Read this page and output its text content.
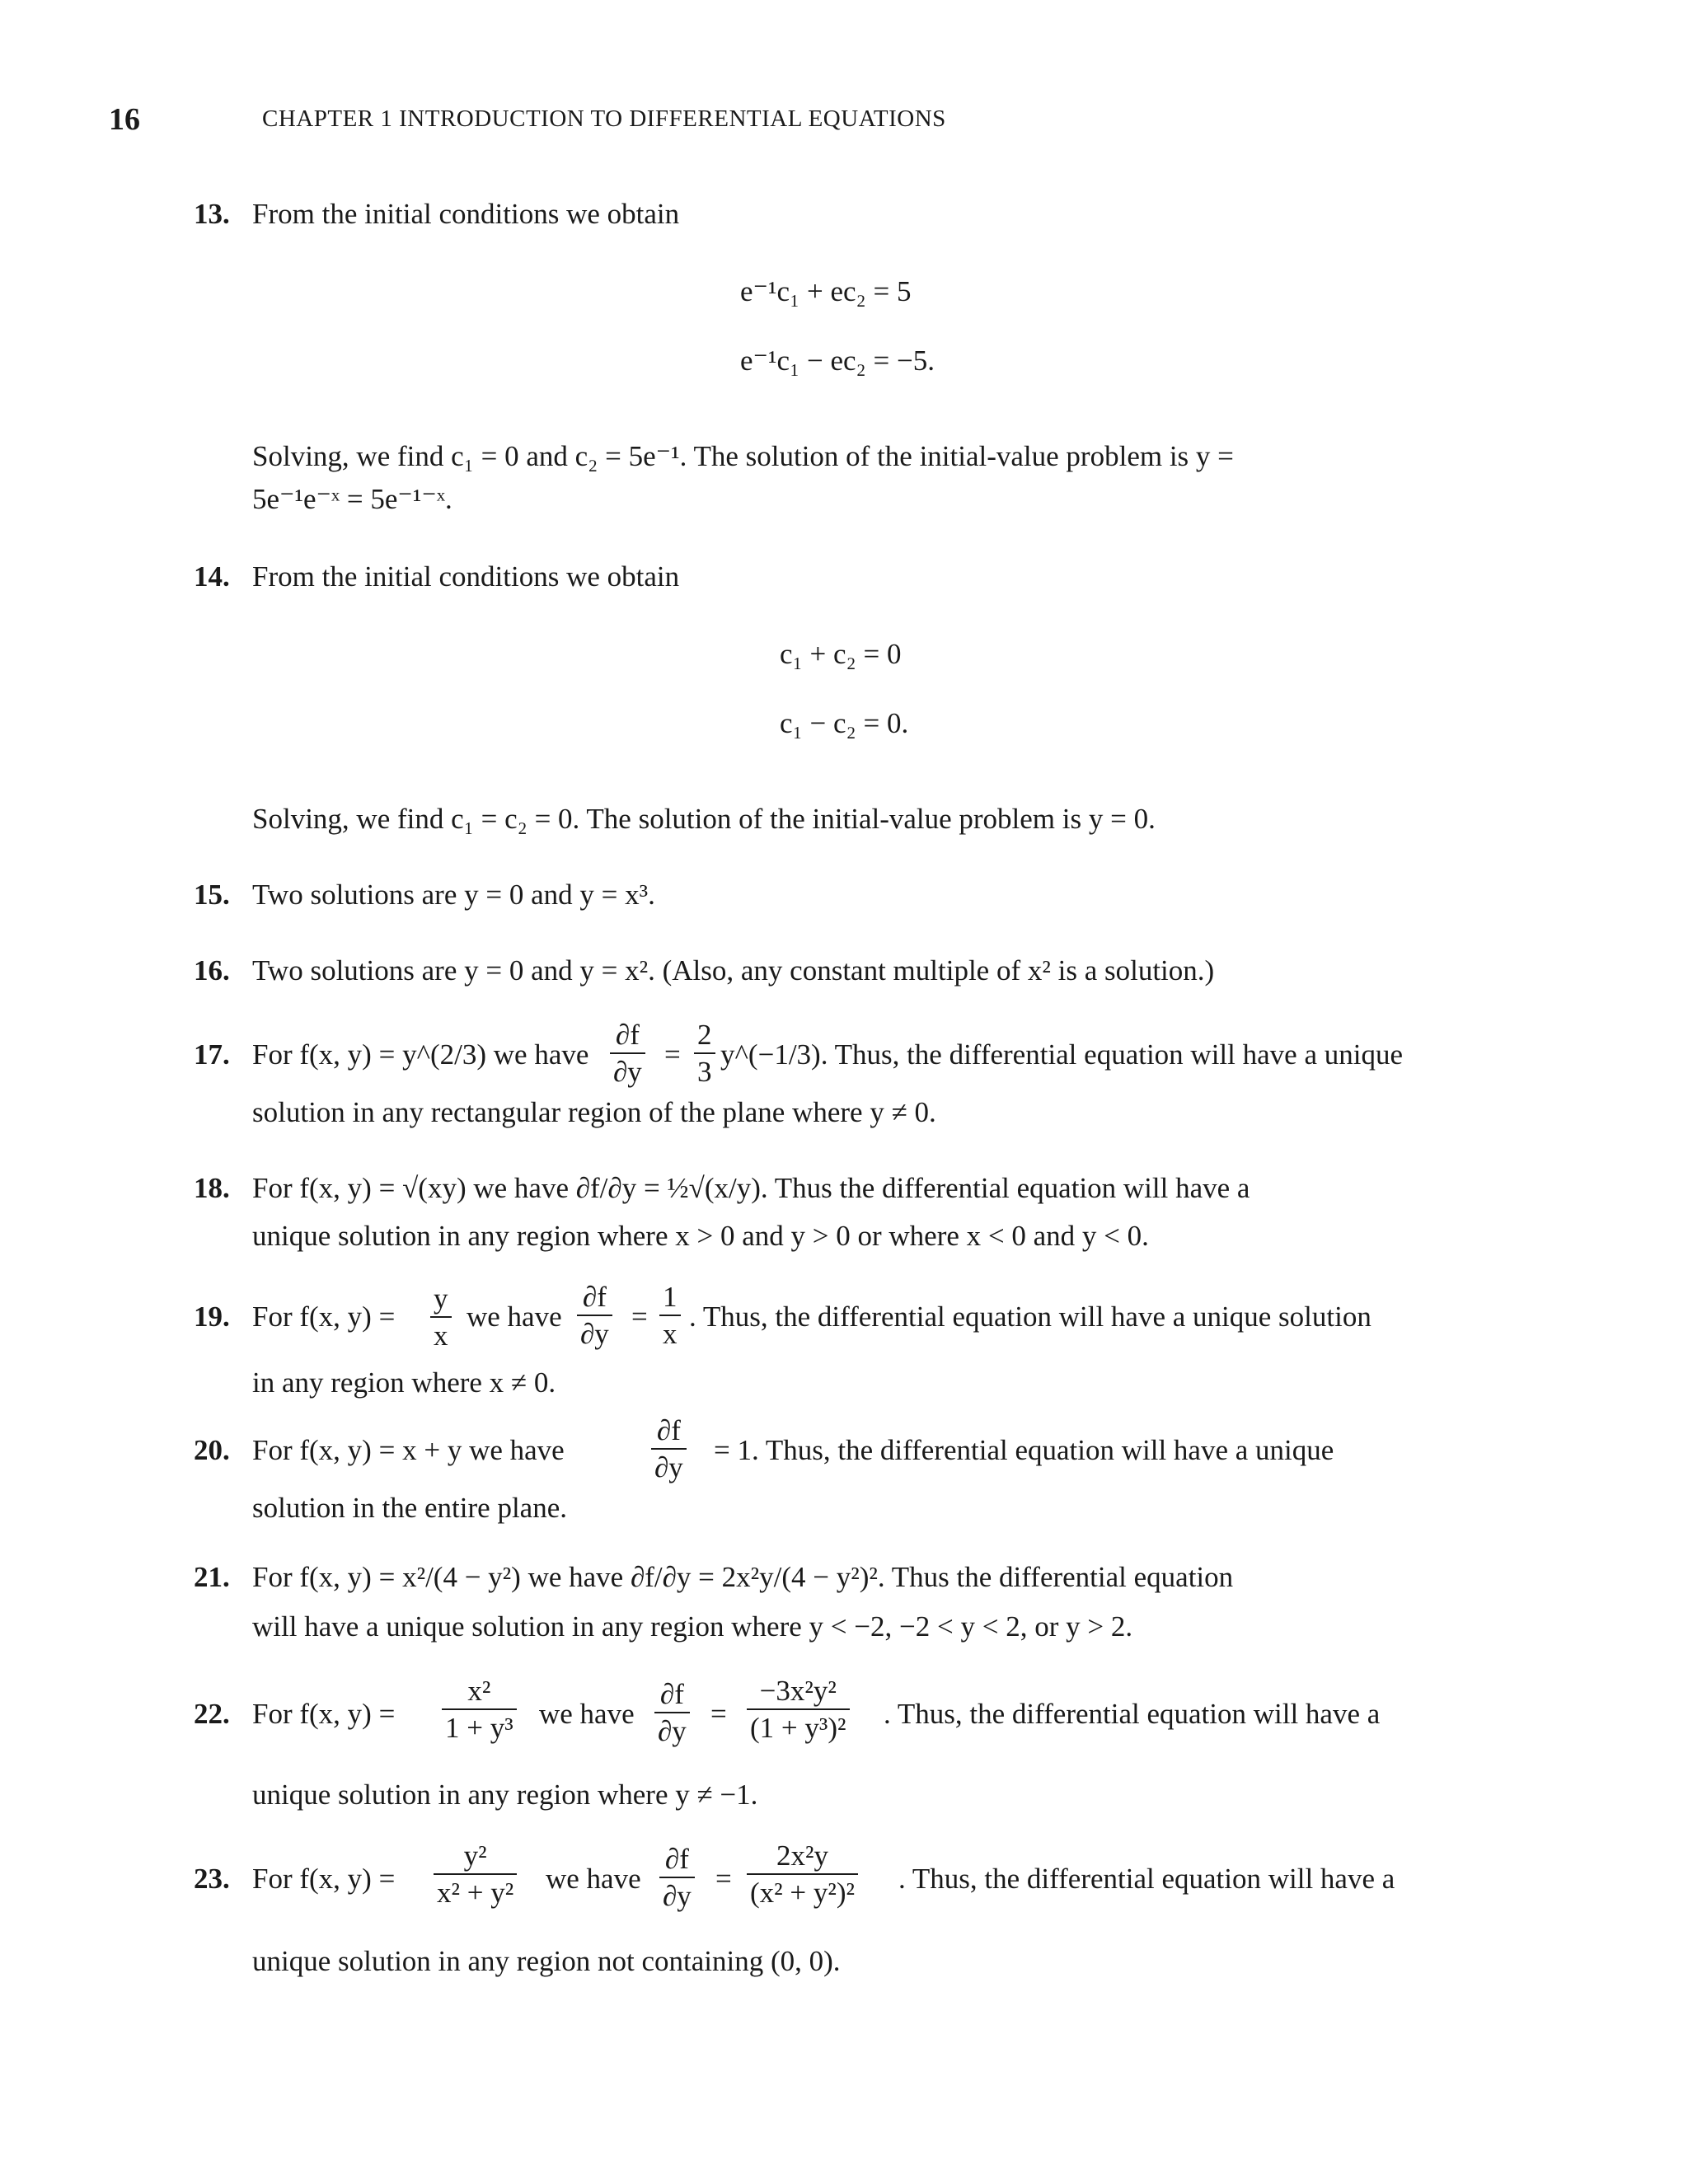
16	CHAPTER 1 INTRODUCTION TO DIFFERENTIAL EQUATIONS
13. From the initial conditions we obtain
e⁻¹c₁ + ec₂ = 5
e⁻¹c₁ − ec₂ = −5.
Solving, we find c₁ = 0 and c₂ = 5e⁻¹. The solution of the initial-value problem is y =
5e⁻¹e⁻ˣ = 5e⁻¹⁻ˣ.
14. From the initial conditions we obtain
c₁ + c₂ = 0
c₁ − c₂ = 0.
Solving, we find c₁ = c₂ = 0. The solution of the initial-value problem is y = 0.
15. Two solutions are y = 0 and y = x³.
16. Two solutions are y = 0 and y = x². (Also, any constant multiple of x² is a solution.)
17. For f(x, y) = y^(2/3) we have
∂f
∂y
=
2
3
y^(−1/3). Thus, the differential equation will have a unique
solution in any rectangular region of the plane where y ≠ 0.
18. For f(x, y) = √(xy) we have ∂f/∂y = ½√(x/y). Thus the differential equation will have a
unique solution in any region where x > 0 and y > 0 or where x < 0 and y < 0.
19. For f(x, y) =
y
x
we have
∂f
∂y
=
1
x
. Thus, the differential equation will have a unique solution
in any region where x ≠ 0.
20. For f(x, y) = x + y we have
∂f
∂y
= 1. Thus, the differential equation will have a unique
solution in the entire plane.
21. For f(x, y) = x²/(4 − y²) we have ∂f/∂y = 2x²y/(4 − y²)². Thus the differential equation
will have a unique solution in any region where y < −2, −2 < y < 2, or y > 2.
22. For f(x, y) =
x²
1 + y³ we have
∂f
∂y
=
−3x²y²
(1 + y³)² . Thus, the differential equation will have a
unique solution in any region where y ≠ −1.
23. For f(x, y) =
y²
x² + y² we have
∂f
∂y
=
2x²y
(x² + y²)² . Thus, the differential equation will have a
unique solution in any region not containing (0, 0).
